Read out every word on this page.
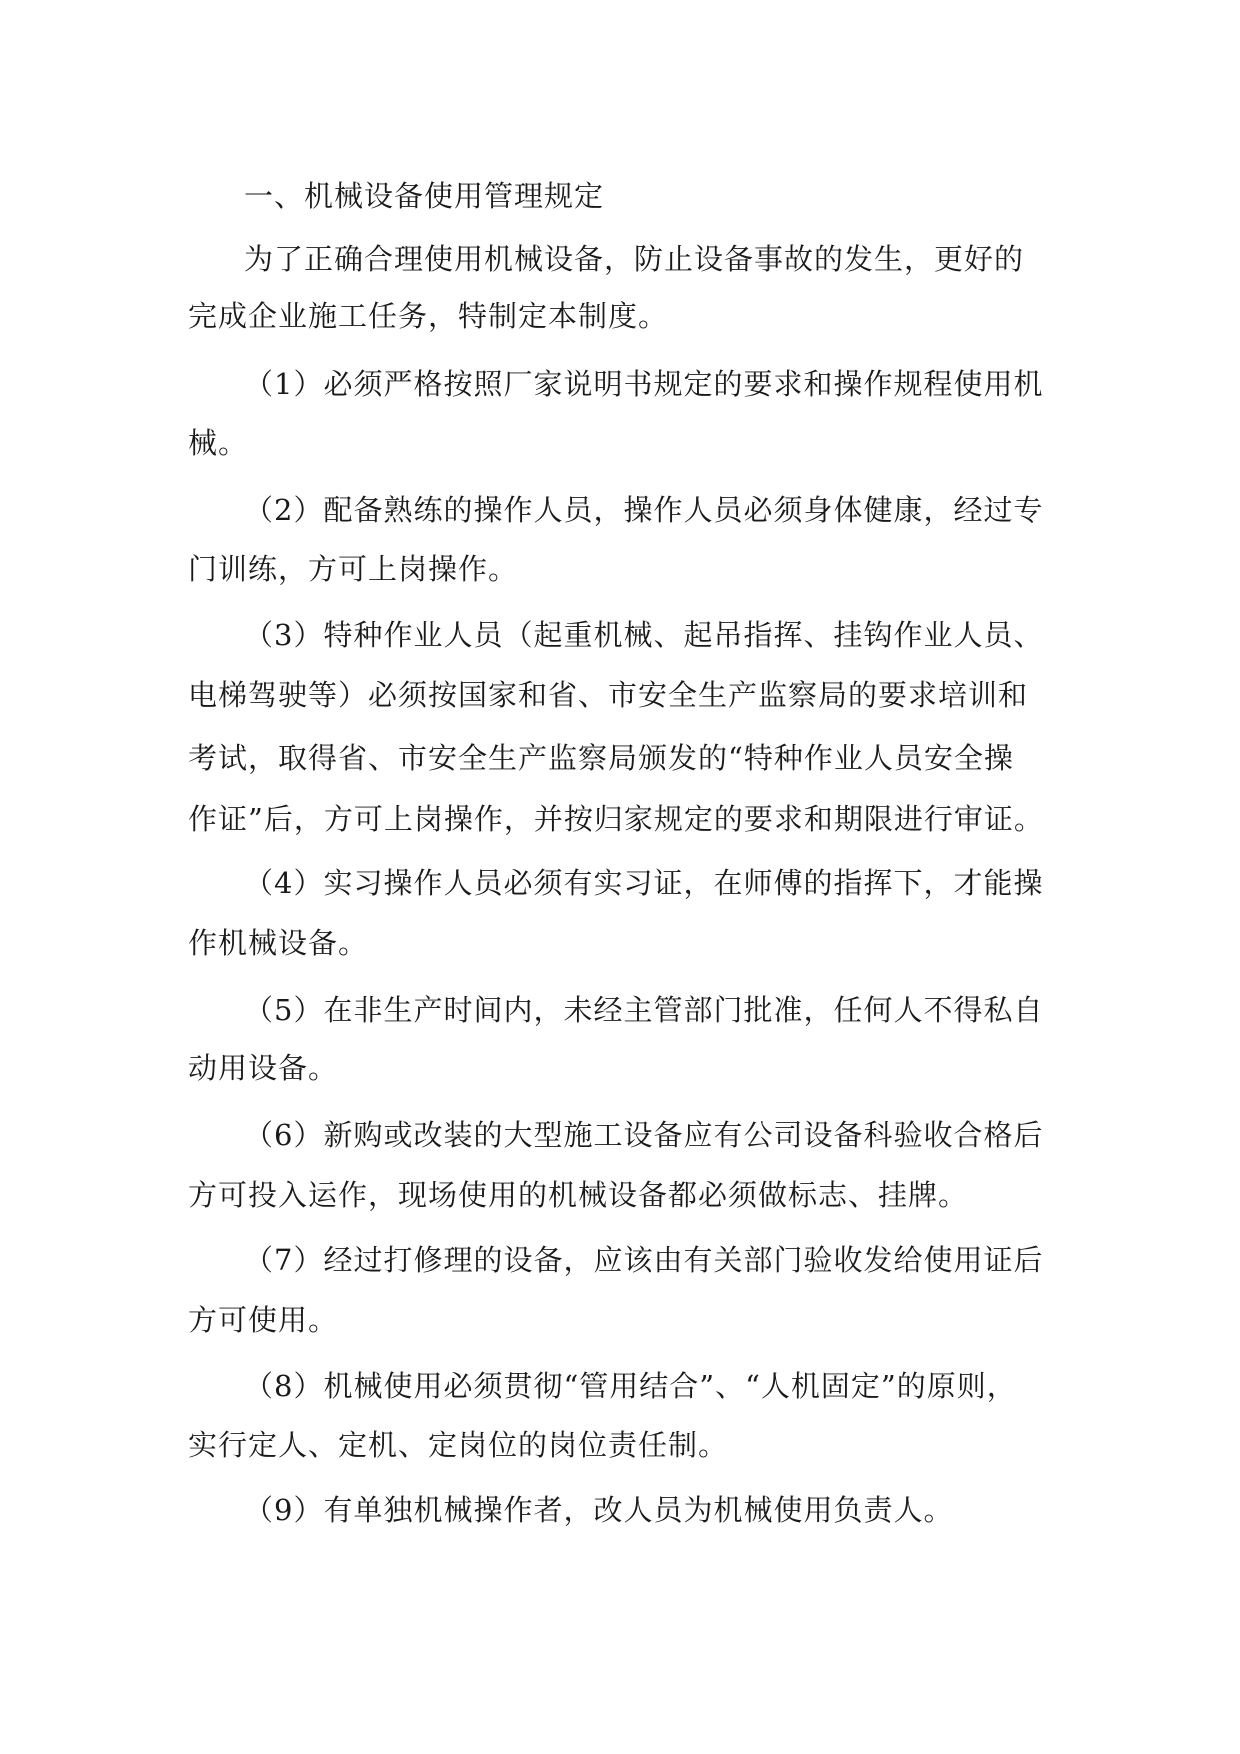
一、机械设备使用管理规定
为了正确合理使用机械设备，防止设备事故的发生，更好的
完成企业施工任务，特制定本制度。
（1）必须严格按照厂家说明书规定的要求和操作规程使用机
械。
（2）配备熟练的操作人员，操作人员必须身体健康，经过专
门训练，方可上岗操作。
（3）特种作业人员（起重机械、起吊指挥、挂钩作业人员、
电梯驾驶等）必须按国家和省、市安全生产监察局的要求培训和
考试，取得省、市安全生产监察局颁发的“特种作业人员安全操
作证”后，方可上岗操作，并按归家规定的要求和期限进行审证。
（4）实习操作人员必须有实习证，在师傅的指挥下，才能操
作机械设备。
（5）在非生产时间内，未经主管部门批准，任何人不得私自
动用设备。
（6）新购或改装的大型施工设备应有公司设备科验收合格后
方可投入运作，现场使用的机械设备都必须做标志、挂牌。
（7）经过打修理的设备，应该由有关部门验收发给使用证后
方可使用。
（8）机械使用必须贯彻“管用结合”、“人机固定”的原则，
实行定人、定机、定岗位的岗位责任制。
（9）有单独机械操作者，改人员为机械使用负责人。
